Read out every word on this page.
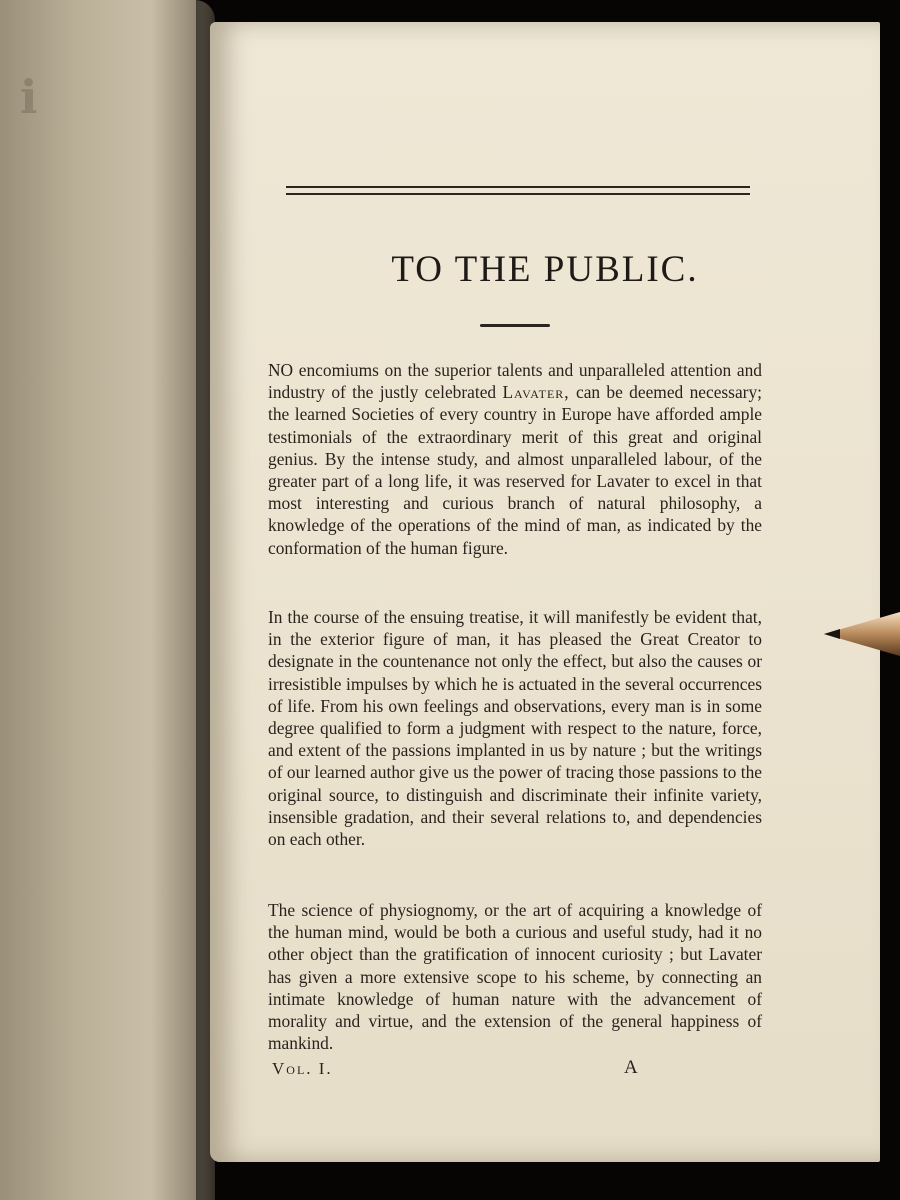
ℹ
TO THE PUBLIC.

NO encomiums on the superior talents and unparalleled attention and industry of the justly celebrated Lavater, can be deemed necessary; the learned Societies of every country in Europe have afforded ample testimonials of the extraordinary merit of this great and original genius. By the intense study, and almost unparalleled labour, of the greater part of a long life, it was reserved for Lavater to excel in that most interesting and curious branch of natural philosophy, a knowledge of the operations of the mind of man, as indicated by the conformation of the human figure.

In the course of the ensuing treatise, it will manifestly be evident that, in the exterior figure of man, it has pleased the Great Creator to designate in the countenance not only the effect, but also the causes or irresistible impulses by which he is actuated in the several occurrences of life. From his own feelings and observations, every man is in some degree qualified to form a judgment with respect to the nature, force, and extent of the passions implanted in us by nature ; but the writings of our learned author give us the power of tracing those passions to the original source, to distinguish and discriminate their infinite variety, insensible gradation, and their several relations to, and dependencies on each other.

The science of physiognomy, or the art of acquiring a knowledge of the human mind, would be both a curious and useful study, had it no other object than the gratification of innocent curiosity ; but Lavater has given a more extensive scope to his scheme, by connecting an intimate knowledge of human nature with the advancement of morality and virtue, and the extension of the general happiness of mankind.

Vol. I.	A
